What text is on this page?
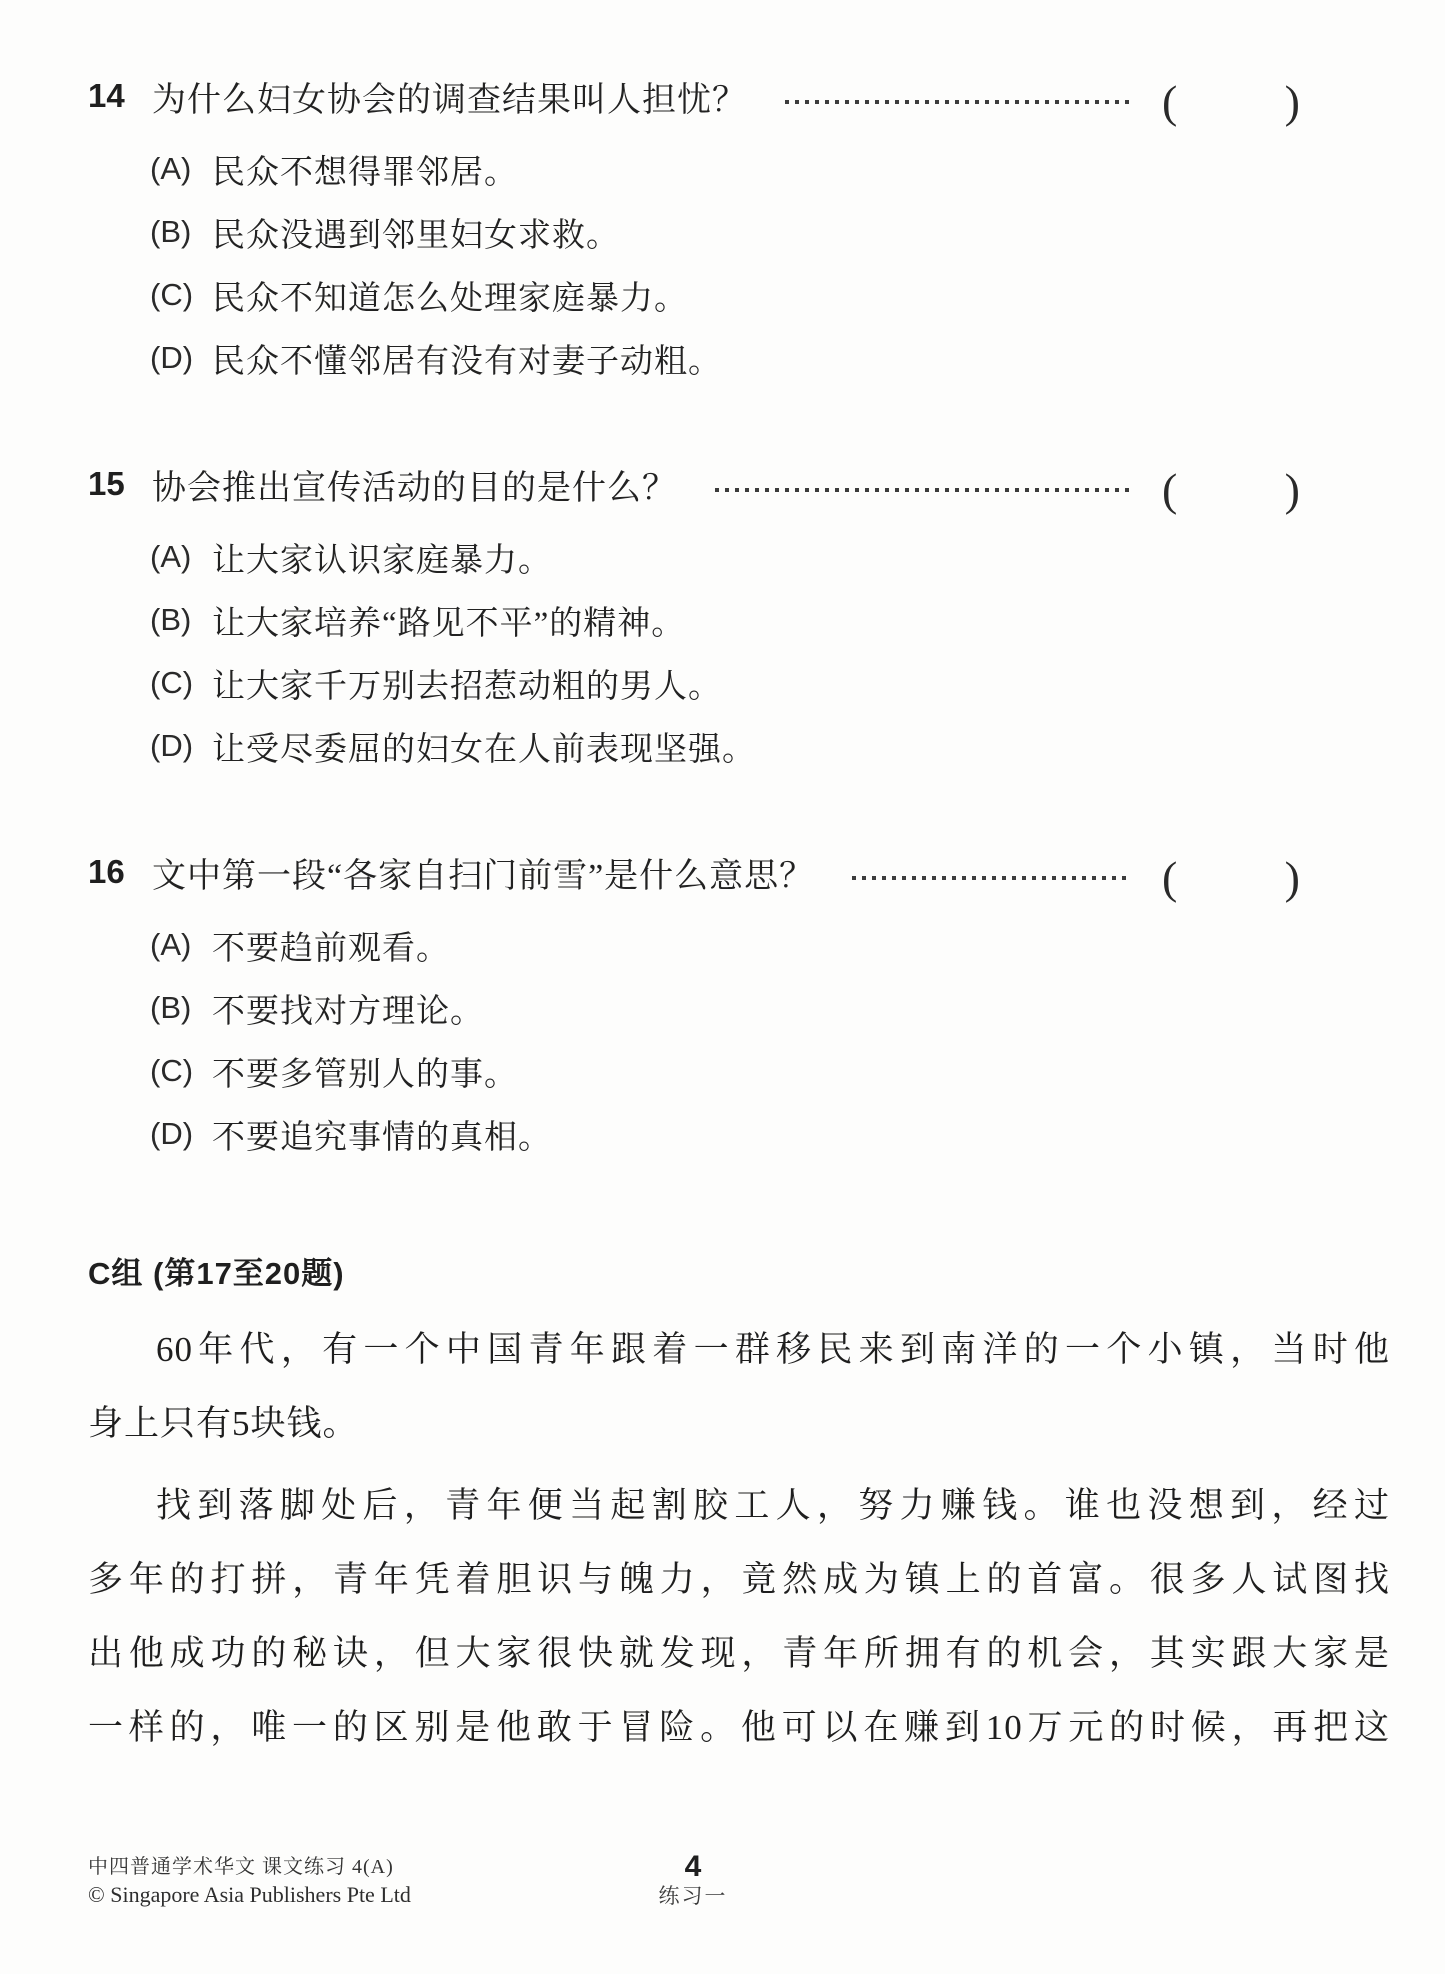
14 为什么妇女协会的调查结果叫人担忧？	( )
(A) 民众不想得罪邻居。
(B) 民众没遇到邻里妇女求救。
(C) 民众不知道怎么处理家庭暴力。
(D) 民众不懂邻居有没有对妻子动粗。
15 协会推出宣传活动的目的是什么？	( )
(A) 让大家认识家庭暴力。
(B) 让大家培养“路见不平”的精神。
(C) 让大家千万别去招惹动粗的男人。
(D) 让受尽委屈的妇女在人前表现坚强。
16 文中第一段“各家自扫门前雪”是什么意思？	( )
(A) 不要趋前观看。
(B) 不要找对方理论。
(C) 不要多管别人的事。
(D) 不要追究事情的真相。
C组 (第17至20题)

60年代，有一个中国青年跟着一群移民来到南洋的一个小镇，当时他
身上只有5块钱。

找到落脚处后，青年便当起割胶工人，努力赚钱。谁也没想到，经过
多年的打拼，青年凭着胆识与魄力，竟然成为镇上的首富。很多人试图找
出他成功的秘诀，但大家很快就发现，青年所拥有的机会，其实跟大家是
一样的，唯一的区别是他敢于冒险。他可以在赚到10万元的时候，再把这

中四普通学术华文 课文练习 4(A)
© Singapore Asia Publishers Pte Ltd
4
练习一
